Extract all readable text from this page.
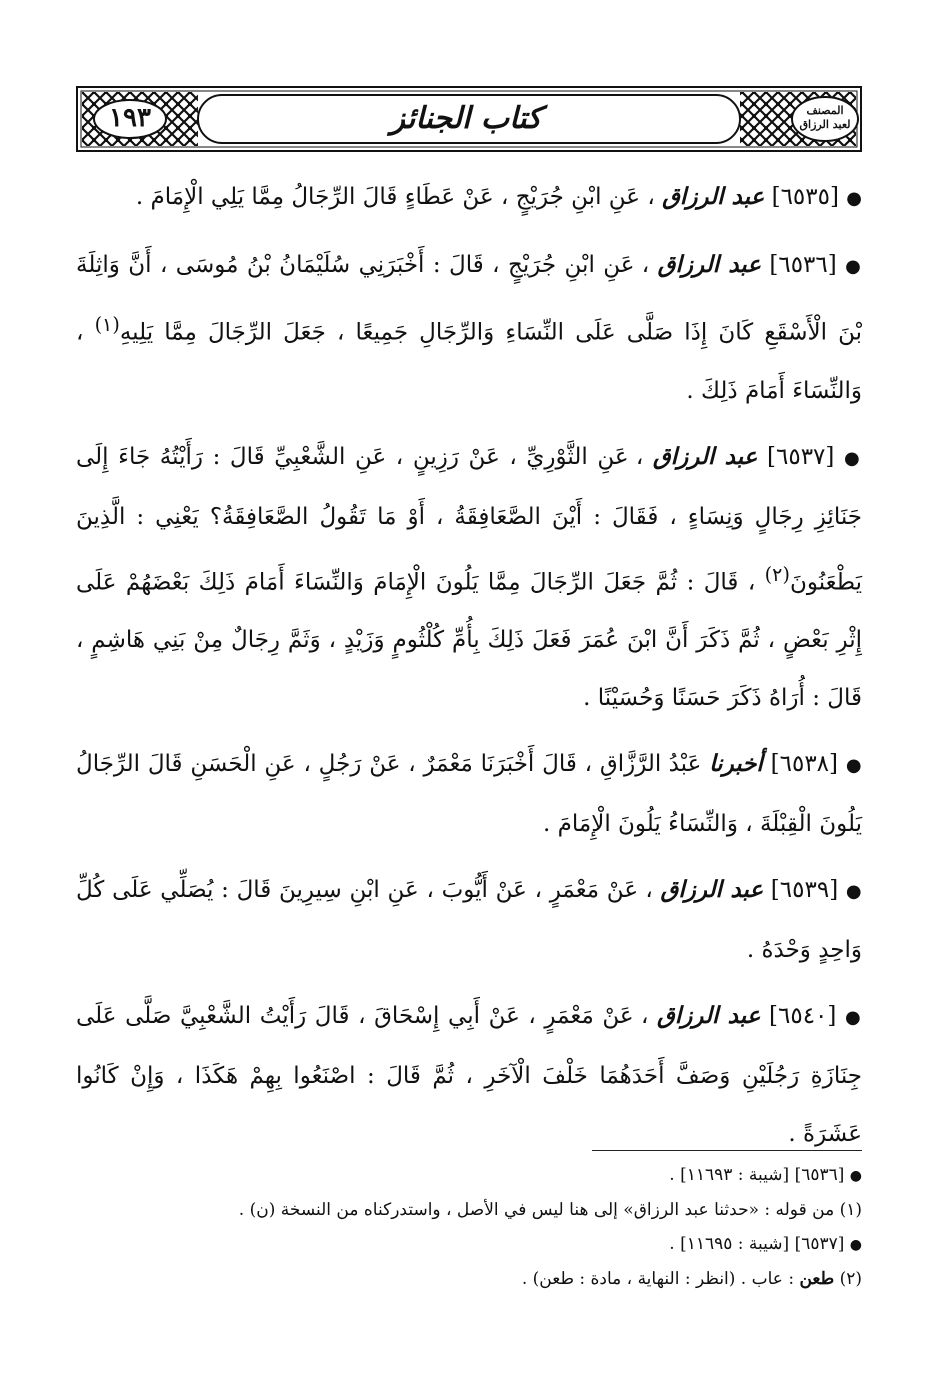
١٩٣	كتاب الجنائز	المصنف
لعبد الرزاق

● [٦٥٣٥] عبد الرزاق ، عَنِ ابْنِ جُرَيْجٍ ، عَنْ عَطَاءٍ قَالَ الرِّجَالُ مِمَّا يَلِي الْإِمَامَ .

● [٦٥٣٦] عبد الرزاق ، عَنِ ابْنِ جُرَيْجٍ ، قَالَ : أَخْبَرَنِي سُلَيْمَانُ بْنُ مُوسَى ، أَنَّ وَاثِلَةَ بْنَ الْأَسْقَعِ كَانَ إِذَا صَلَّى عَلَى النِّسَاءِ وَالرِّجَالِ جَمِيعًا ، جَعَلَ الرِّجَالَ مِمَّا يَلِيهِ$^{(١)}$ ، وَالنِّسَاءَ أَمَامَ ذَلِكَ .

● [٦٥٣٧] عبد الرزاق ، عَنِ الثَّوْرِيِّ ، عَنْ رَزِينٍ ، عَنِ الشَّعْبِيِّ قَالَ : رَأَيْتُهُ جَاءَ إِلَى جَنَائِزِ رِجَالٍ وَنِسَاءٍ ، فَقَالَ : أَيْنَ الصَّعَافِقَةُ ، أَوْ مَا تَقُولُ الصَّعَافِقَةُ؟ يَعْنِي : الَّذِينَ يَطْعَنُونَ$^{(٢)}$ ، قَالَ : ثُمَّ جَعَلَ الرِّجَالَ مِمَّا يَلُونَ الْإِمَامَ وَالنِّسَاءَ أَمَامَ ذَلِكَ بَعْضَهُمْ عَلَى إِثْرِ بَعْضٍ ، ثُمَّ ذَكَرَ أَنَّ ابْنَ عُمَرَ فَعَلَ ذَلِكَ بِأُمِّ كُلْثُومٍ وَزَيْدٍ ، وَثَمَّ رِجَالٌ مِنْ بَنِي هَاشِمٍ ، قَالَ : أُرَاهُ ذَكَرَ حَسَنًا وَحُسَيْنًا .

● [٦٥٣٨] أخبرنا عَبْدُ الرَّزَّاقِ ، قَالَ أَخْبَرَنَا مَعْمَرٌ ، عَنْ رَجُلٍ ، عَنِ الْحَسَنِ قَالَ الرِّجَالُ يَلُونَ الْقِبْلَةَ ، وَالنِّسَاءُ يَلُونَ الْإِمَامَ .

● [٦٥٣٩] عبد الرزاق ، عَنْ مَعْمَرٍ ، عَنْ أَيُّوبَ ، عَنِ ابْنِ سِيرِينَ قَالَ : يُصَلِّي عَلَى كُلِّ وَاحِدٍ وَحْدَهُ .

● [٦٥٤٠] عبد الرزاق ، عَنْ مَعْمَرٍ ، عَنْ أَبِي إِسْحَاقَ ، قَالَ رَأَيْتُ الشَّعْبِيَّ صَلَّى عَلَى جِنَازَةِ رَجُلَيْنِ وَصَفَّ أَحَدَهُمَا خَلْفَ الْآخَرِ ، ثُمَّ قَالَ : اصْنَعُوا بِهِمْ هَكَذَا ، وَإِنْ كَانُوا عَشَرَةً .

● [٦٥٣٦] [شيبة : ١١٦٩٣] .

(١) من قوله : «حدثنا عبد الرزاق» إلى هنا ليس في الأصل ، واستدركناه من النسخة (ن) .

● [٦٥٣٧] [شيبة : ١١٦٩٥] .

(٢) طعن : عاب . (انظر : النهاية ، مادة : طعن) .
